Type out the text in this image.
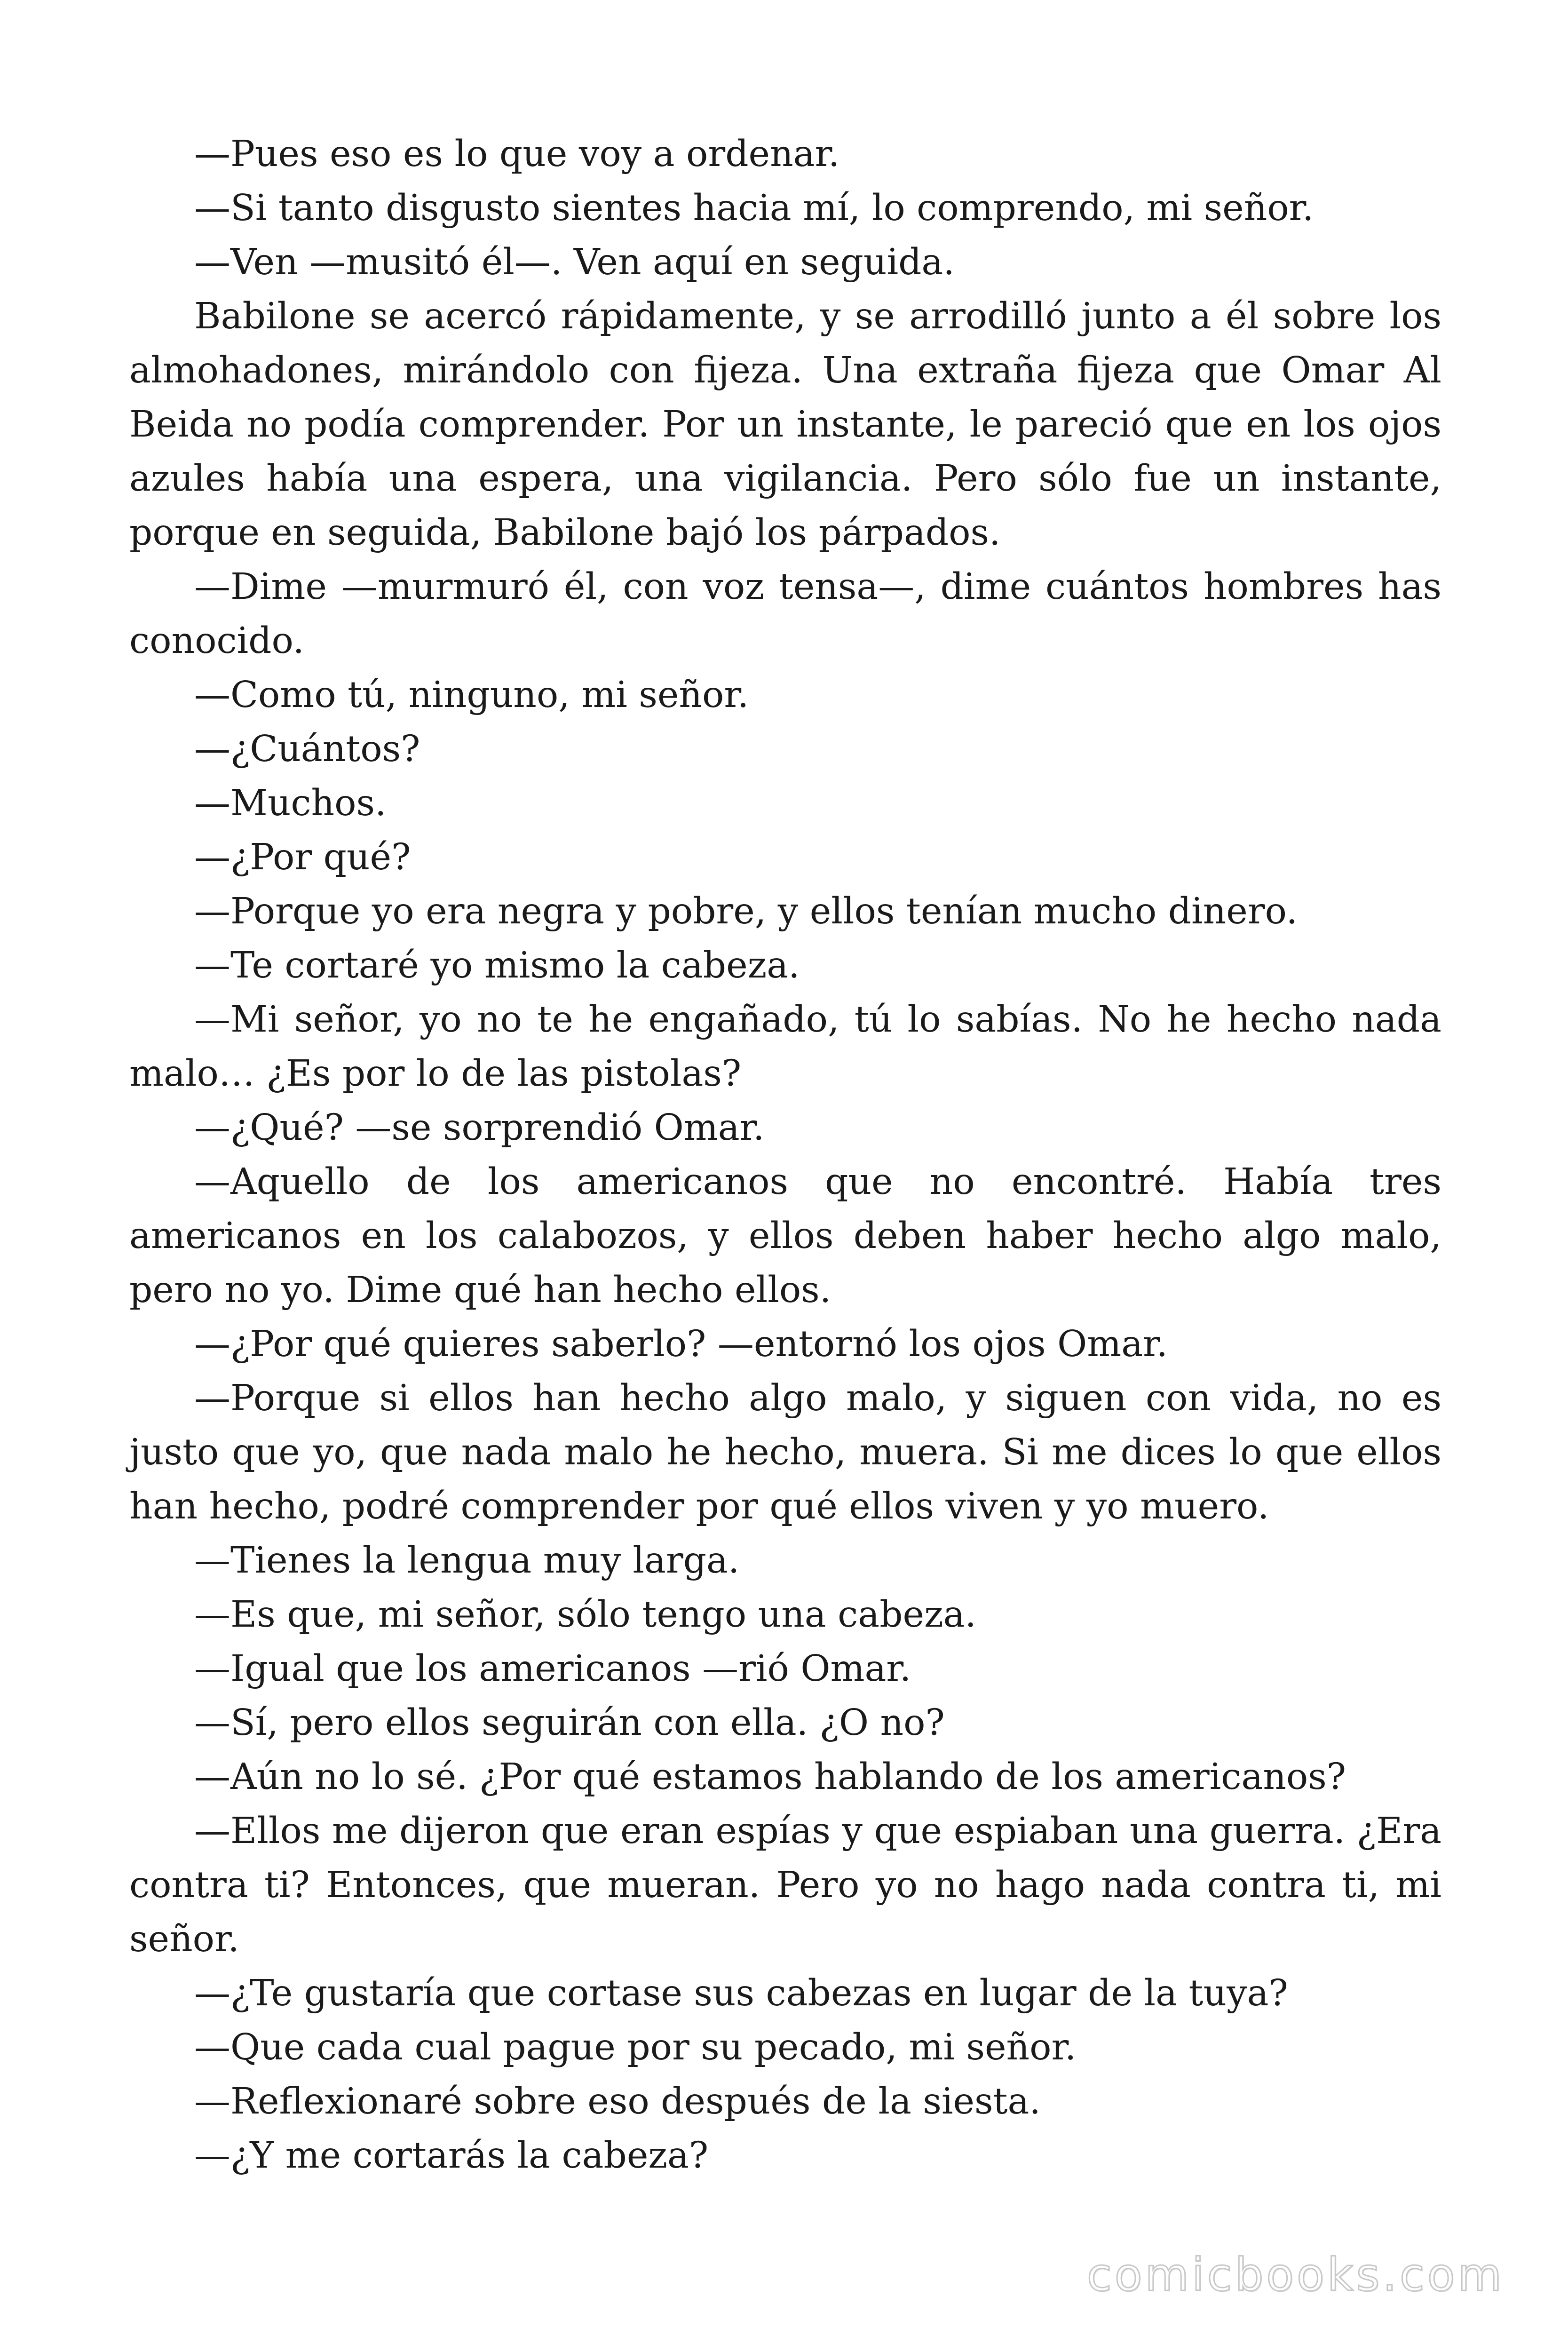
—Pues eso es lo que voy a ordenar.

—Si tanto disgusto sientes hacia mí, lo comprendo, mi señor.

—Ven —musitó él—. Ven aquí en seguida.

Babilone se acercó rápidamente, y se arrodilló junto a él sobre los almohadones, mirándolo con fijeza. Una extraña fijeza que Omar Al Beida no podía comprender. Por un instante, le pareció que en los ojos azules había una espera, una vigilancia. Pero sólo fue un instante, porque en seguida, Babilone bajó los párpados.

—Dime —murmuró él, con voz tensa—, dime cuántos hombres has conocido.

—Como tú, ninguno, mi señor.

—¿Cuántos?

—Muchos.

—¿Por qué?

—Porque yo era negra y pobre, y ellos tenían mucho dinero.

—Te cortaré yo mismo la cabeza.

—Mi señor, yo no te he engañado, tú lo sabías. No he hecho nada malo… ¿Es por lo de las pistolas?

—¿Qué? —se sorprendió Omar.

—Aquello de los americanos que no encontré. Había tres americanos en los calabozos, y ellos deben haber hecho algo malo, pero no yo. Dime qué han hecho ellos.

—¿Por qué quieres saberlo? —entornó los ojos Omar.

—Porque si ellos han hecho algo malo, y siguen con vida, no es justo que yo, que nada malo he hecho, muera. Si me dices lo que ellos han hecho, podré comprender por qué ellos viven y yo muero.

—Tienes la lengua muy larga.

—Es que, mi señor, sólo tengo una cabeza.

—Igual que los americanos —rió Omar.

—Sí, pero ellos seguirán con ella. ¿O no?

—Aún no lo sé. ¿Por qué estamos hablando de los americanos?

—Ellos me dijeron que eran espías y que espiaban una guerra. ¿Era contra ti? Entonces, que mueran. Pero yo no hago nada contra ti, mi señor.

—¿Te gustaría que cortase sus cabezas en lugar de la tuya?

—Que cada cual pague por su pecado, mi señor.

—Reflexionaré sobre eso después de la siesta.

—¿Y me cortarás la cabeza?

comicbooks.com
